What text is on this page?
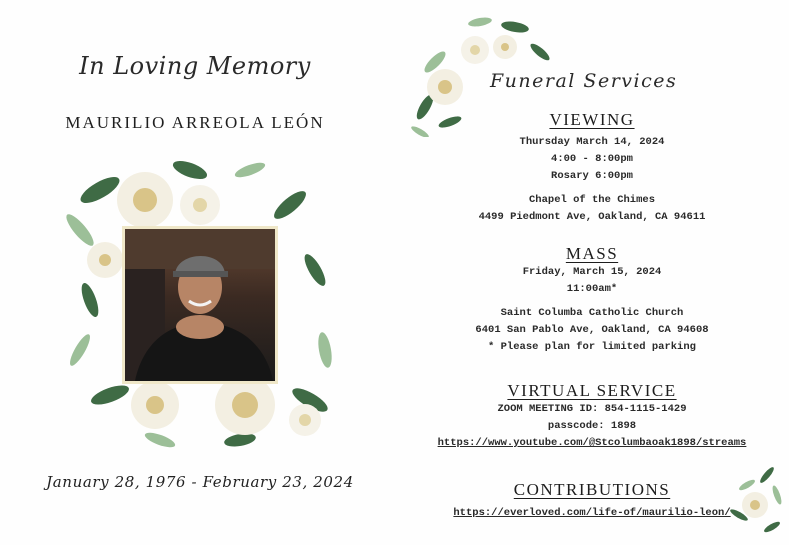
In Loving Memory
MAURILIO ARREOLA LEÓN
January 28, 1976 - February 23, 2024
Funeral Services
VIEWING
Thursday March 14, 2024
4:00 - 8:00pm
Rosary 6:00pm
Chapel of the Chimes
4499 Piedmont Ave, Oakland, CA 94611
MASS
Friday, March 15, 2024
11:00am*
Saint Columba Catholic Church
6401 San Pablo Ave, Oakland, CA 94608
* Please plan for limited parking
VIRTUAL SERVICE
ZOOM MEETING ID: 854-1115-1429
passcode: 1898
https://www.youtube.com/@Stcolumbaoak1898/streams
CONTRIBUTIONS
https://everloved.com/life-of/maurilio-leon/
